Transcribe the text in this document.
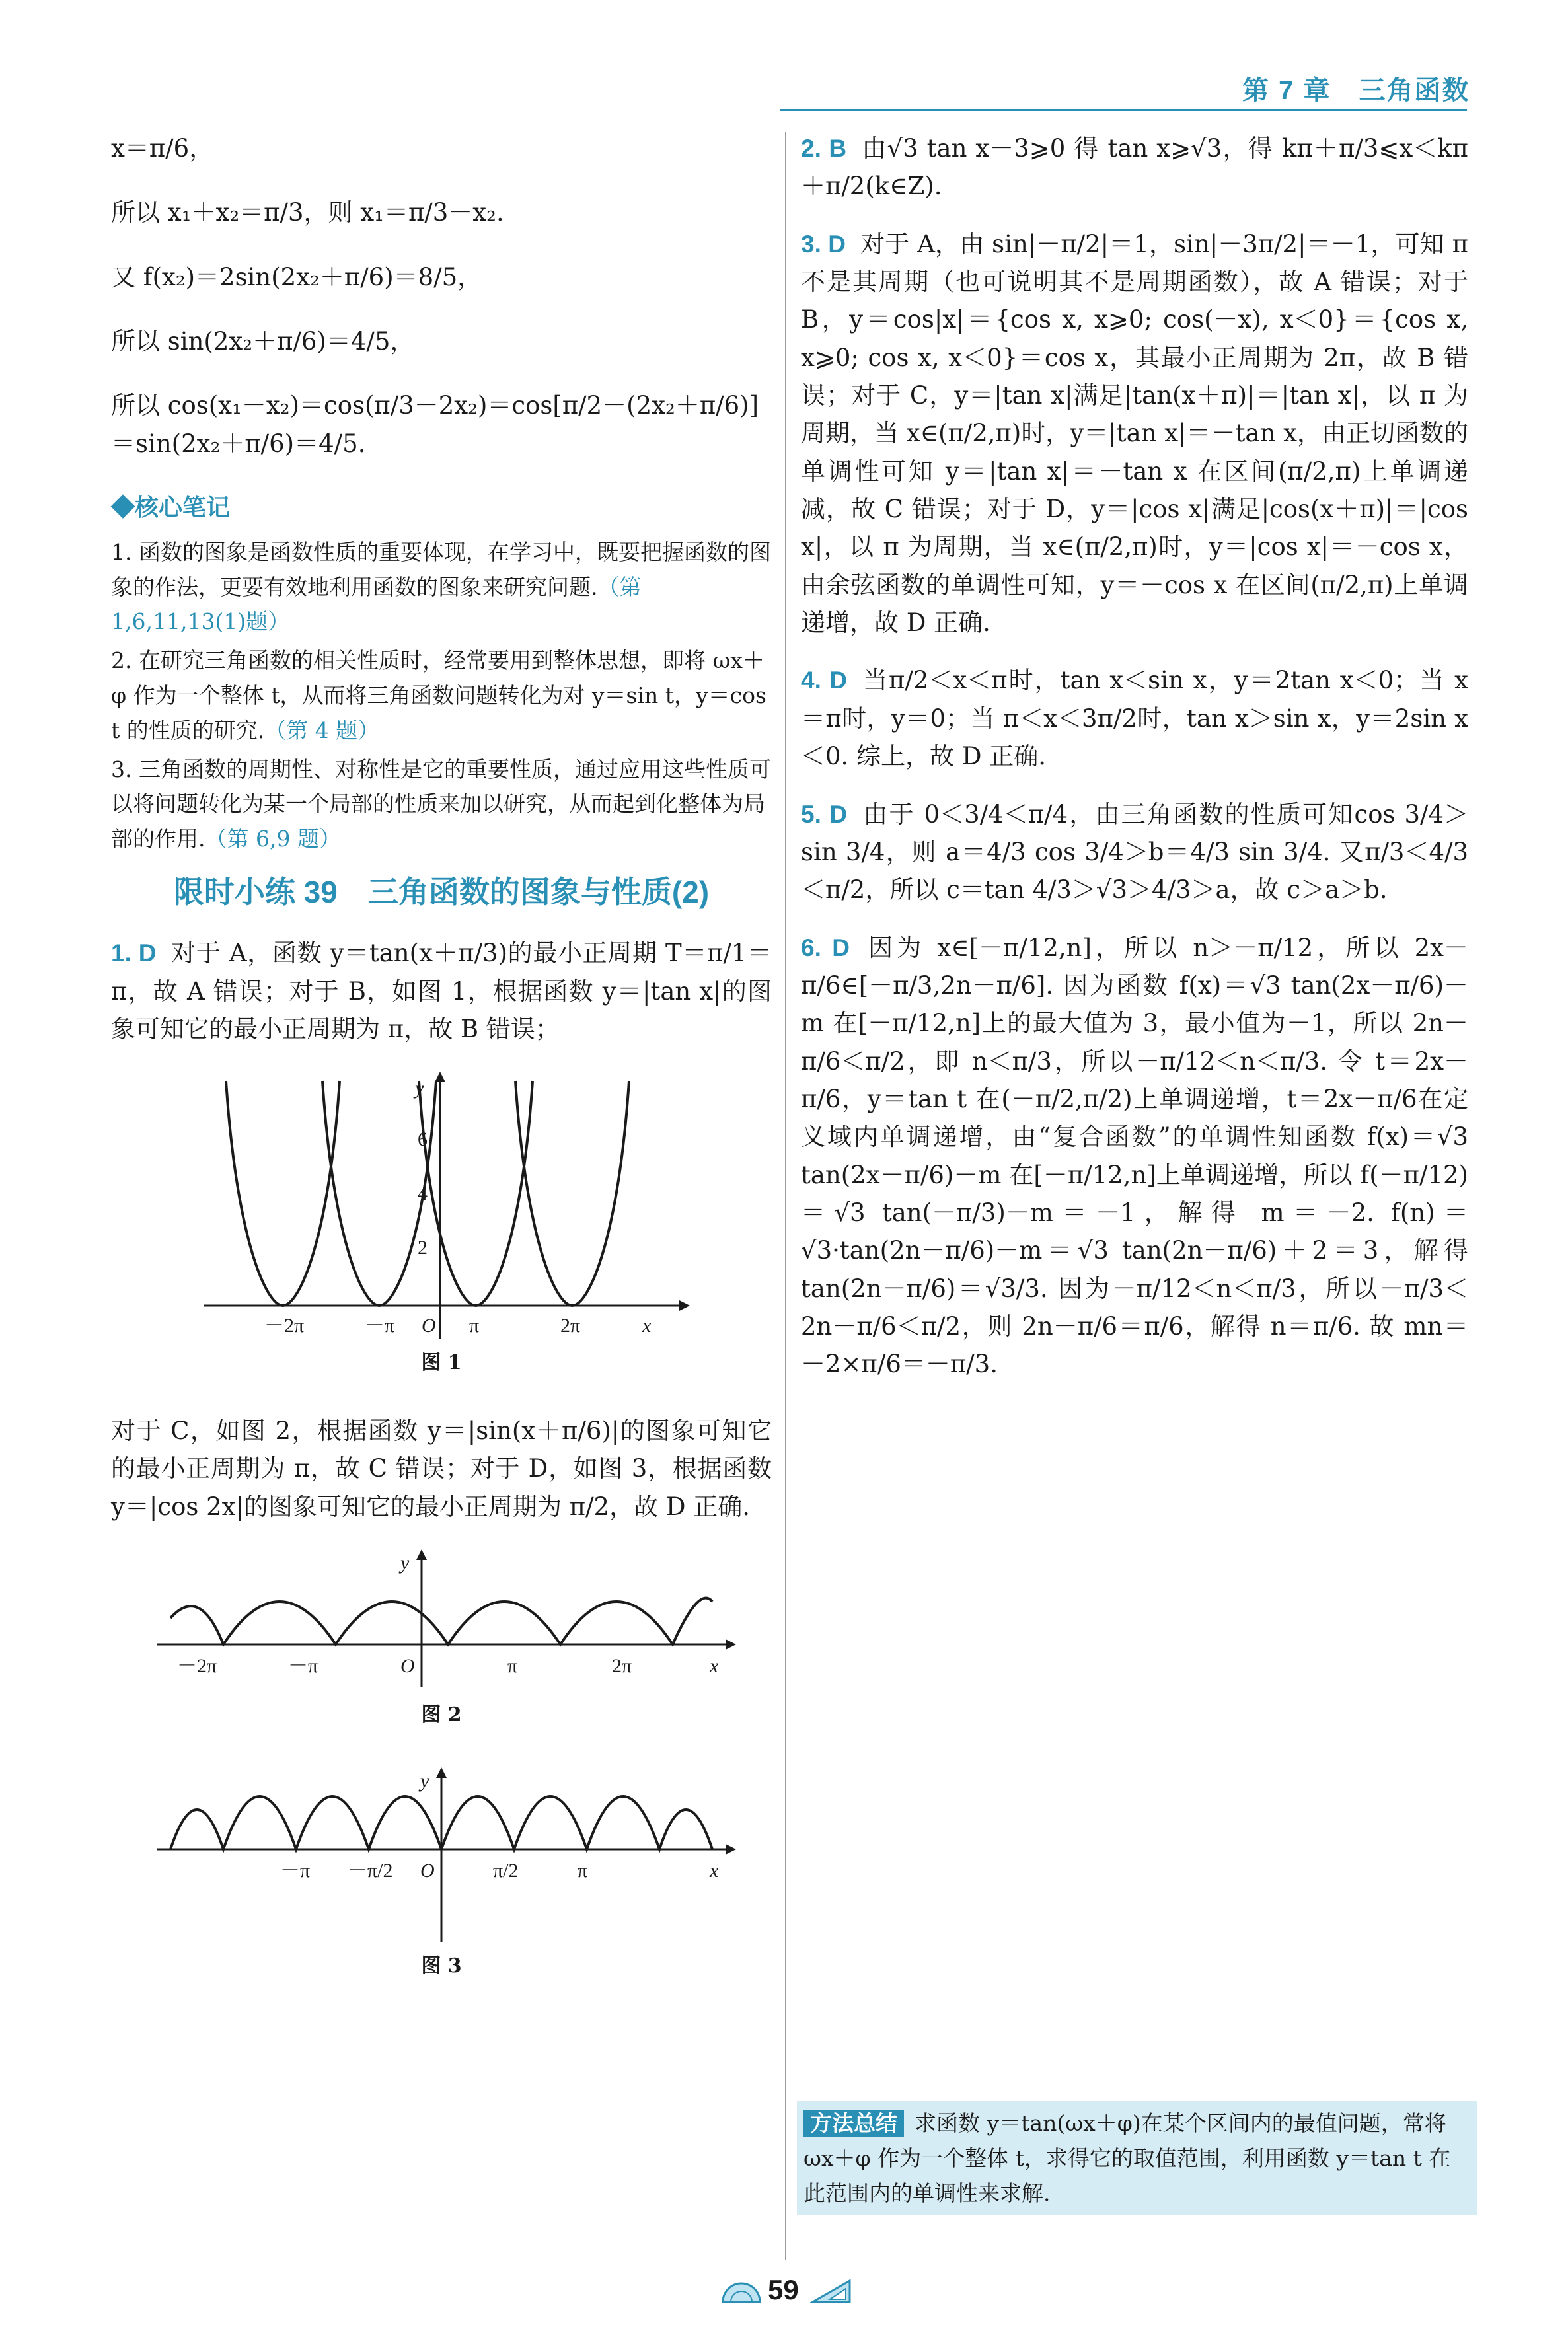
第 7 章　三角函数
x＝π/6，
所以 x₁＋x₂＝π/3，则 x₁＝π/3－x₂.
又 f(x₂)＝2sin(2x₂＋π/6)＝8/5，
所以 sin(2x₂＋π/6)＝4/5，
所以 cos(x₁－x₂)＝cos(π/3－2x₂)＝cos[π/2－(2x₂＋π/6)]＝sin(2x₂＋π/6)＝4/5.
◆核心笔记
1. 函数的图象是函数性质的重要体现，在学习中，既要把握函数的图象的作法，更要有效地利用函数的图象来研究问题.（第 1,6,11,13(1)题）
2. 在研究三角函数的相关性质时，经常要用到整体思想，即将 ωx＋φ 作为一个整体 t，从而将三角函数问题转化为对 y＝sin t，y＝cos t 的性质的研究.（第 4 题）
3. 三角函数的周期性、对称性是它的重要性质，通过应用这些性质可以将问题转化为某一个局部的性质来加以研究，从而起到化整体为局部的作用.（第 6,9 题）
限时小练 39　三角函数的图象与性质(2)
1. D 对于 A，函数 y＝tan(x＋π/3)的最小正周期 T＝π/1＝π，故 A 错误；对于 B，如图 1，根据函数 y＝|tan x|的图象可知它的最小正周期为 π，故 B 错误；
y
6
4
2
－2π	－π O π	2π	x
图 1
对于 C，如图 2，根据函数 y＝|sin(x＋π/6)|的图象可知它的最小正周期为 π，故 C 错误；对于 D，如图 3，根据函数 y＝|cos 2x|的图象可知它的最小正周期为 π/2，故 D 正确.
y
－2π	－π	O	π	2π	x
图 2
y
－π －π/2 O	π/2	π	x
图 3
2. B 由√3 tan x－3⩾0 得 tan x⩾√3，得 kπ＋π/3⩽x＜kπ＋π/2(k∈Z).
3. D 对于 A，由 sin|－π/2|＝1，sin|－3π/2|＝－1，可知 π 不是其周期（也可说明其不是周期函数），故 A 错误；对于 B，y＝cos|x|＝{cos x, x⩾0; cos(－x), x＜0}＝{cos x, x⩾0; cos x, x＜0}＝cos x，其最小正周期为 2π，故 B 错误；对于 C，y＝|tan x|满足|tan(x＋π)|＝|tan x|，以 π 为周期，当 x∈(π/2,π)时，y＝|tan x|＝－tan x，由正切函数的单调性可知 y＝|tan x|＝－tan x 在区间(π/2,π)上单调递减，故 C 错误；对于 D，y＝|cos x|满足|cos(x＋π)|＝|cos x|，以 π 为周期，当 x∈(π/2,π)时，y＝|cos x|＝－cos x，由余弦函数的单调性可知，y＝－cos x 在区间(π/2,π)上单调递增，故 D 正确.
4. D 当π/2＜x＜π时，tan x＜sin x，y＝2tan x＜0；当 x＝π时，y＝0；当 π＜x＜3π/2时，tan x＞sin x，y＝2sin x＜0. 综上，故 D 正确.
5. D 由于 0＜3/4＜π/4，由三角函数的性质可知cos 3/4＞sin 3/4，则 a＝4/3 cos 3/4＞b＝4/3 sin 3/4. 又π/3＜4/3＜π/2，所以 c＝tan 4/3＞√3＞4/3＞a，故 c＞a＞b.
6. D 因为 x∈[－π/12,n]，所以 n＞－π/12，所以 2x－π/6∈[－π/3,2n－π/6]. 因为函数 f(x)＝√3 tan(2x－π/6)－m 在[－π/12,n]上的最大值为 3，最小值为－1，所以 2n－π/6＜π/2，即 n＜π/3，所以－π/12＜n＜π/3. 令 t＝2x－π/6，y＝tan t 在(－π/2,π/2)上单调递增，t＝2x－π/6在定义域内单调递增，由“复合函数”的单调性知函数 f(x)＝√3 tan(2x－π/6)－m 在[－π/12,n]上单调递增，所以 f(－π/12)＝√3 tan(－π/3)－m＝－1，解得 m＝－2. f(n)＝√3·tan(2n－π/6)－m＝√3 tan(2n－π/6)＋2＝3，解得 tan(2n－π/6)＝√3/3. 因为－π/12＜n＜π/3，所以－π/3＜2n－π/6＜π/2，则 2n－π/6＝π/6，解得 n＝π/6. 故 mn＝－2×π/6＝－π/3.
方法总结 求函数 y＝tan(ωx＋φ)在某个区间内的最值问题，常将 ωx＋φ 作为一个整体 t，求得它的取值范围，利用函数 y＝tan t 在此范围内的单调性来求解.
59
